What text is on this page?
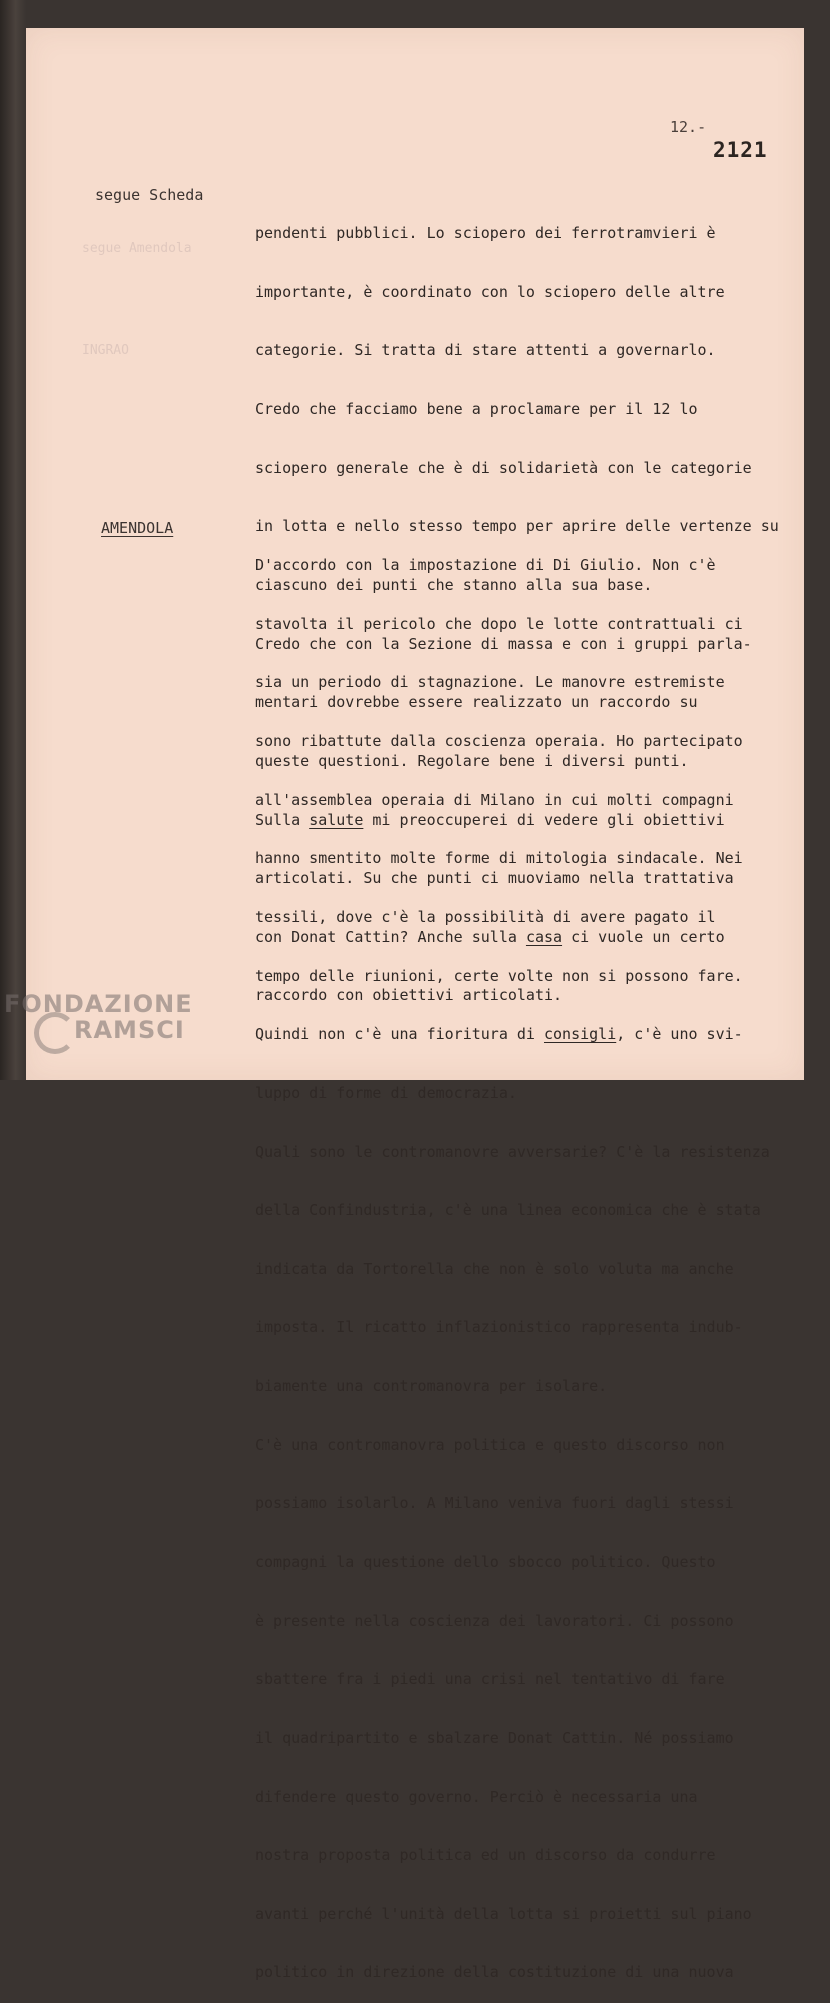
segue Amendola

INGRAO
12.-
2121
segue Scheda
AMENDOLA

pendenti pubblici. Lo sciopero dei ferrotramvieri è

importante, è coordinato con lo sciopero delle altre

categorie. Si tratta di stare attenti a governarlo.

Credo che facciamo bene a proclamare per il 12 lo

sciopero generale che è di solidarietà con le categorie

in lotta e nello stesso tempo per aprire delle vertenze su

ciascuno dei punti che stanno alla sua base.

Credo che con la Sezione di massa e con i gruppi parla-

mentari dovrebbe essere realizzato un raccordo su

queste questioni. Regolare bene i diversi punti.

Sulla salute mi preoccuperei di vedere gli obiettivi

articolati. Su che punti ci muoviamo nella trattativa

con Donat Cattin? Anche sulla casa ci vuole un certo

raccordo con obiettivi articolati.

D'accordo con la impostazione di Di Giulio. Non c'è

stavolta il pericolo che dopo le lotte contrattuali ci

sia un periodo di stagnazione. Le manovre estremiste

sono ribattute dalla coscienza operaia. Ho partecipato

all'assemblea operaia di Milano in cui molti compagni

hanno smentito molte forme di mitologia sindacale. Nei

tessili, dove c'è la possibilità di avere pagato il

tempo delle riunioni, certe volte non si possono fare.

Quindi non c'è una fioritura di consigli, c'è uno svi-

luppo di forme di democrazia.

Quali sono le contromanovre avversarie? C'è la resistenza

della Confindustria, c'è una linea economica che è stata

indicata da Tortorella che non è solo voluta ma anche

imposta. Il ricatto inflazionistico rappresenta indub-

biamente una contromanovra per isolare.

C'è una contromanovra politica e questo discorso non

possiamo isolarlo. A Milano veniva fuori dagli stessi

compagni la questione dello sbocco politico. Questo

è presente nella coscienza dei lavoratori. Ci possono

sbattere fra i piedi una crisi nel tentativo di fare

il quadripartito e sbalzare Donat Cattin. Né possiamo

difendere questo governo. Perciò è necessaria una

nostra proposta politica ed un discorso da condurre

avanti perché l'unità della lotta si proietti sul piano

politico in direzione della costituzione di una nuova

FONDAZIONE
RAMSCI
